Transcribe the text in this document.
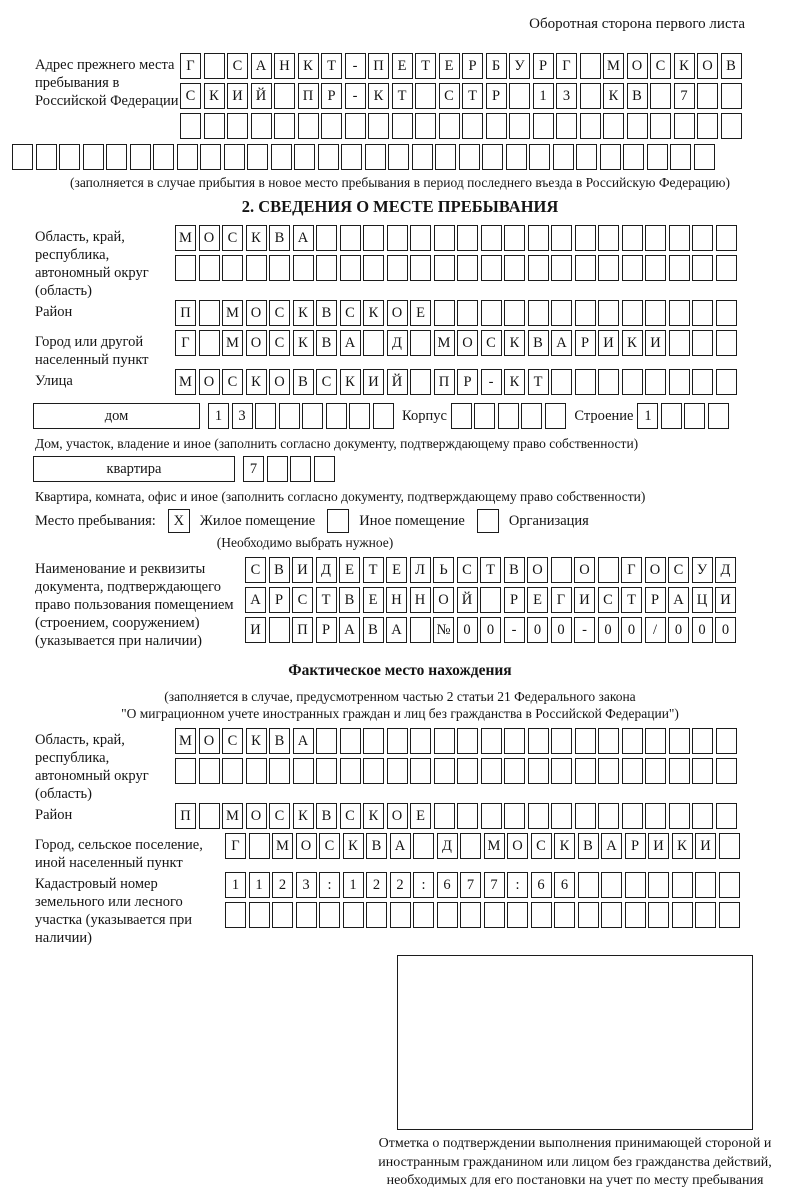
Оборотная сторона первого листа
Адрес прежнего места пребывания в Российской Федерации
Г	С А Н К Т - П Е Т Е Р Б У Р Г	М О С К О В
С К И Й	П Р - К Т	С Т Р	1 3	К В	7
(заполняется в случае прибытия в новое место пребывания в период последнего въезда в Российскую Федерацию)
2. СВЕДЕНИЯ О МЕСТЕ ПРЕБЫВАНИЯ
Область, край, республика, автономный округ (область)
М О С К В А
Район	П М О С К В С К О Е
Город или другой населенный пункт
Г	М О С К В А	Д М О С К В А Р И К И
Улица	М О С К О В С К И Й	П Р - К Т
дом	1 3	Корпус	Строение 1
Дом, участок, владение и иное (заполнить согласно документу, подтверждающему право собственности)
квартира	7
Квартира, комната, офис и иное (заполнить согласно документу, подтверждающему право собственности)
Место пребывания:	X	Жилое помещение	Иное помещение	Организация
(Необходимо выбрать нужное)
Наименование и реквизиты документа, подтверждающего право пользования помещением (строением, сооружением) (указывается при наличии)
С В И Д Е Т Е Л Ь С Т В О	О	Г О С У Д
А Р С Т В Е Н Н О Й	Р Е Г И С Т Р А Ц И
И	П Р А В А № 0 0 - 0 0 - 0 0 / 0 0 0
Фактическое место нахождения
(заполняется в случае, предусмотренном частью 2 статьи 21 Федерального закона
"О миграционном учете иностранных граждан и лиц без гражданства в Российской Федерации")
Область, край, республика, автономный округ (область)
М О С К В А
Район	П М О С К В С К О Е
Город, сельское поселение, иной населенный пункт
Г	М О С К В А	Д М О С К В А Р И К И
Кадастровый номер земельного или лесного участка (указывается при наличии)
1 1 2 3 : 1 2 2 : 6 7 7 : 6 6
Отметка о подтверждении выполнения принимающей стороной и иностранным гражданином или лицом без гражданства действий, необходимых для его постановки на учет по месту пребывания
